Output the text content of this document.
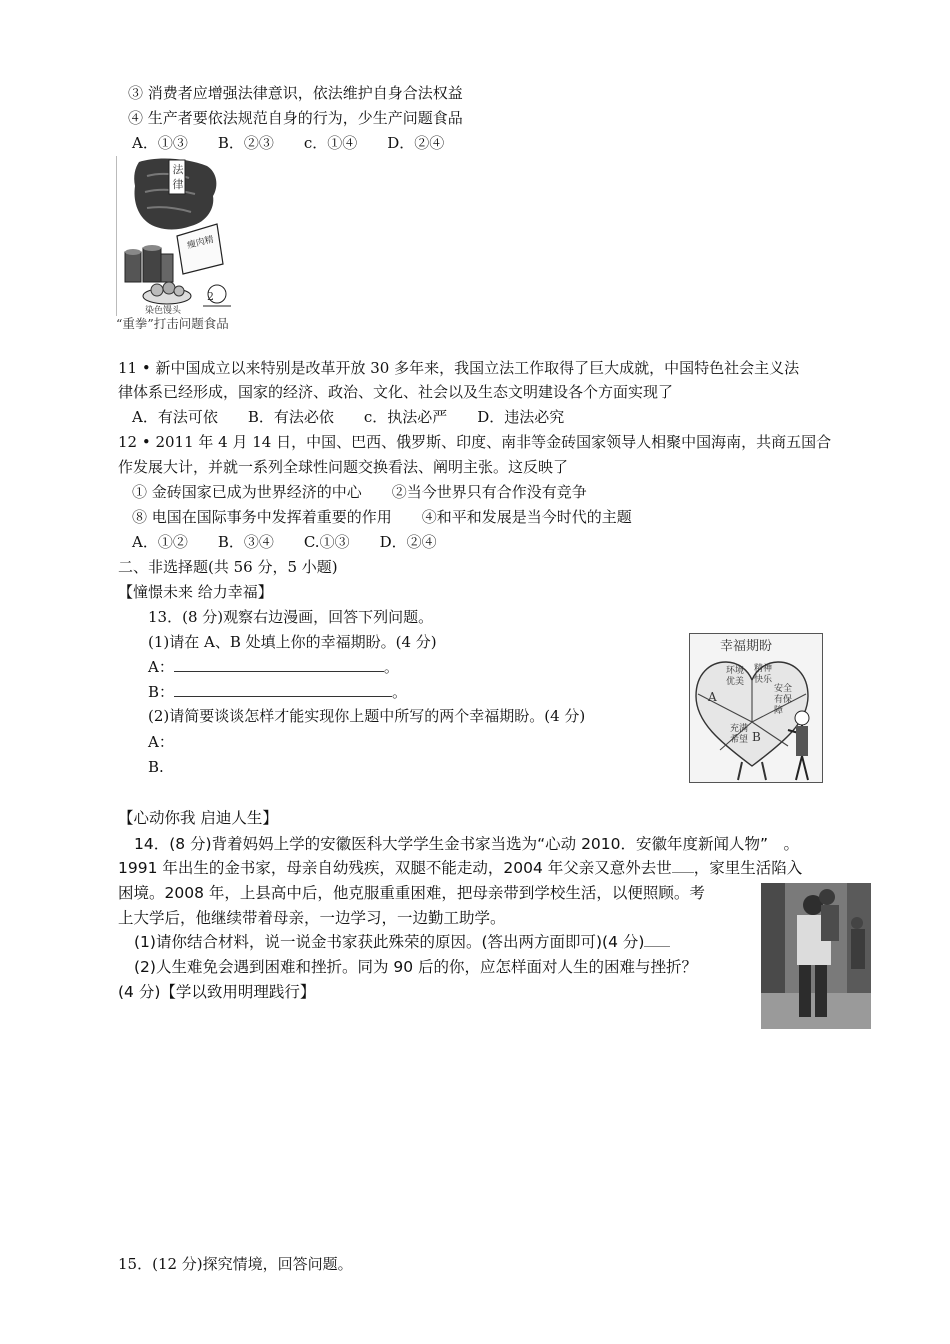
③ 消费者应增强法律意识，依法维护自身合法权益
④ 生产者要依法规范自身的行为，少生产问题食品
A．①③　　B．②③　　c．①④　　D．②④
法律
瘦肉精
2
染色馒头
“重拳”打击问题食品
11 • 新中国成立以来特别是改革开放 30 多年来，我国立法工作取得了巨大成就，中国特色社会主义法
律体系已经形成，国家的经济、政治、文化、社会以及生态文明建设各个方面实现了
A．有法可依　　B．有法必依　　c．执法必严　　D．违法必究
12 • 2011 年 4 月 14 日，中国、巴西、俄罗斯、印度、南非等金砖国家领导人相聚中国海南，共商五国合
作发展大计，并就一系列全球性问题交换看法、阐明主张。这反映了
① 金砖国家已成为世界经济的中心　　②当今世界只有合作没有竞争
⑧ 电国在国际事务中发挥着重要的作用　　④和平和发展是当今时代的主题
A．①②　　B．③④　　C.①③　　D．②④
二、非选择题(共 56 分，5 小题)
【憧憬未来 给力幸福】
13．(8 分)观察右边漫画，回答下列问题。
(1)请在 A、B 处填上你的幸福期盼。(4 分)
A：	。
B：	。
(2)请简要谈谈怎样才能实现你上题中所写的两个幸福期盼。(4 分)
A：
B.
幸福期盼
环境优美
精神快乐
安全有保障
充满希望
A
B
【心动你我 启迪人生】
14．(8 分)背着妈妈上学的安徽医科大学学生金书家当选为“心动 2010．安徽年度新闻人物”　。
1991 年出生的金书家，母亲自幼残疾，双腿不能走动，2004 年父亲又意外去世 ，家里生活陷入
困境。2008 年，上县高中后，他克服重重困难，把母亲带到学校生活，以便照顾。考
上大学后，他继续带着母亲，一边学习，一边勤工助学。
(1)请你结合材料，说一说金书家获此殊荣的原因。(答出两方面即可)(4 分)
(2)人生难免会遇到困难和挫折。同为 90 后的你，应怎样面对人生的困难与挫折？
(4 分)【学以致用明理践行】
15．(12 分)探究情境，回答问题。
